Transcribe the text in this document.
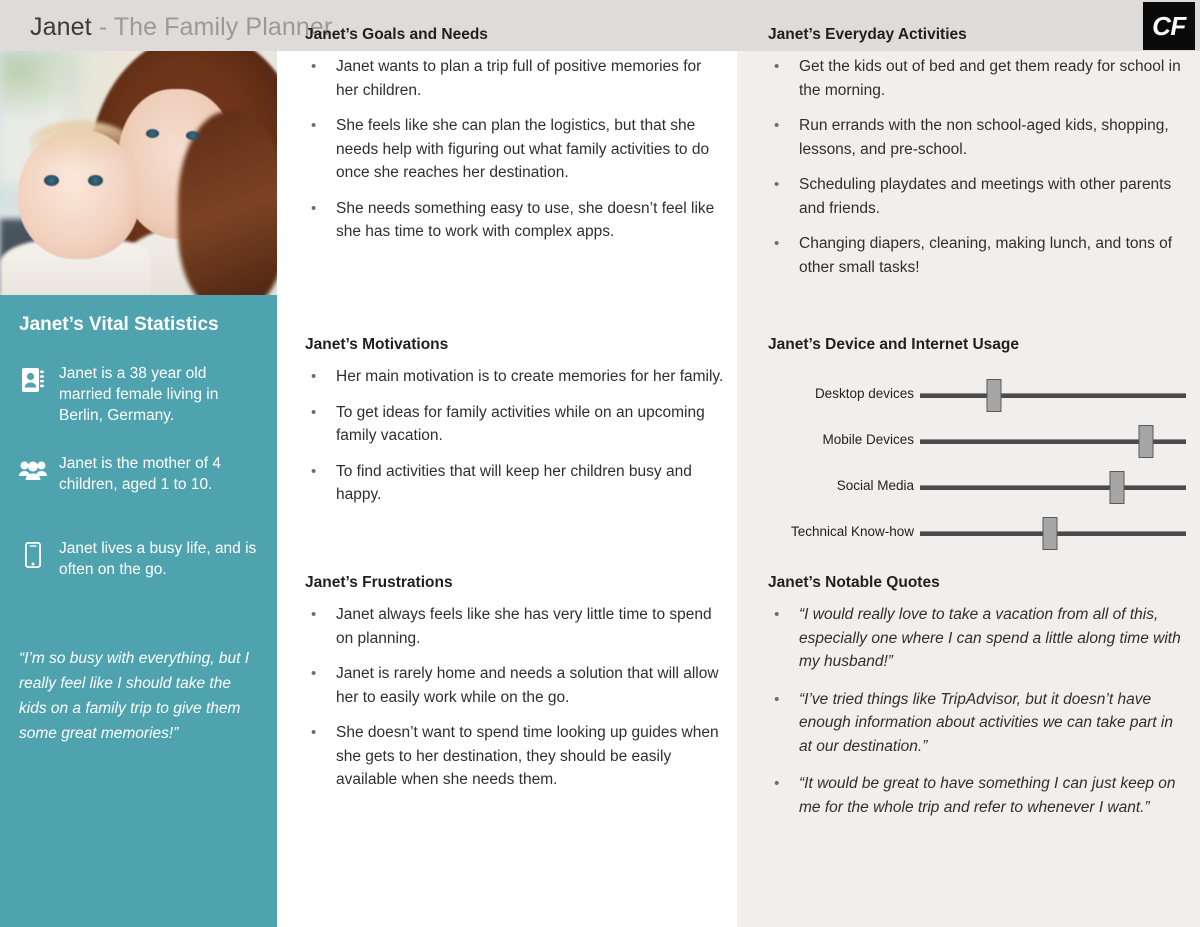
Janet - The Family Planner	CF
Janet’s Vital Statistics
Janet is a 38 year old married female living in Berlin, Germany.
Janet is the mother of 4 children, aged 1 to 10.
Janet lives a busy life, and is often on the go.
“I’m so busy with everything, but I really feel like I should take the kids on a family trip to give them some great memories!”
Janet’s Goals and Needs
• Janet wants to plan a trip full of positive memories for her children.
• She feels like she can plan the logistics, but that she needs help with figuring out what family activities to do once she reaches her destination.
• She needs something easy to use, she doesn’t feel like she has time to work with complex apps.
Janet’s Motivations
• Her main motivation is to create memories for her family.
• To get ideas for family activities while on an upcoming family vacation.
• To find activities that will keep her children busy and happy.
Janet’s Frustrations
• Janet always feels like she has very little time to spend on planning.
• Janet is rarely home and needs a solution that will allow her to easily work while on the go.
• She doesn’t want to spend time looking up guides when she gets to her destination, they should be easily available when she needs them.
Janet’s Everyday Activities
• Get the kids out of bed and get them ready for school in the morning.
• Run errands with the non school-aged kids, shopping, lessons, and pre-school.
• Scheduling playdates and meetings with other parents and friends.
• Changing diapers, cleaning, making lunch, and tons of other small tasks!
Janet’s Device and Internet Usage
Desktop devices
Mobile Devices
Social Media
Technical Know-how
Janet’s Notable Quotes
• “I would really love to take a vacation from all of this, especially one where I can spend a little along time with my husband!”
• “I’ve tried things like TripAdvisor, but it doesn’t have enough information about activities we can take part in at our destination.”
• “It would be great to have something I can just keep on me for the whole trip and refer to whenever I want.”
